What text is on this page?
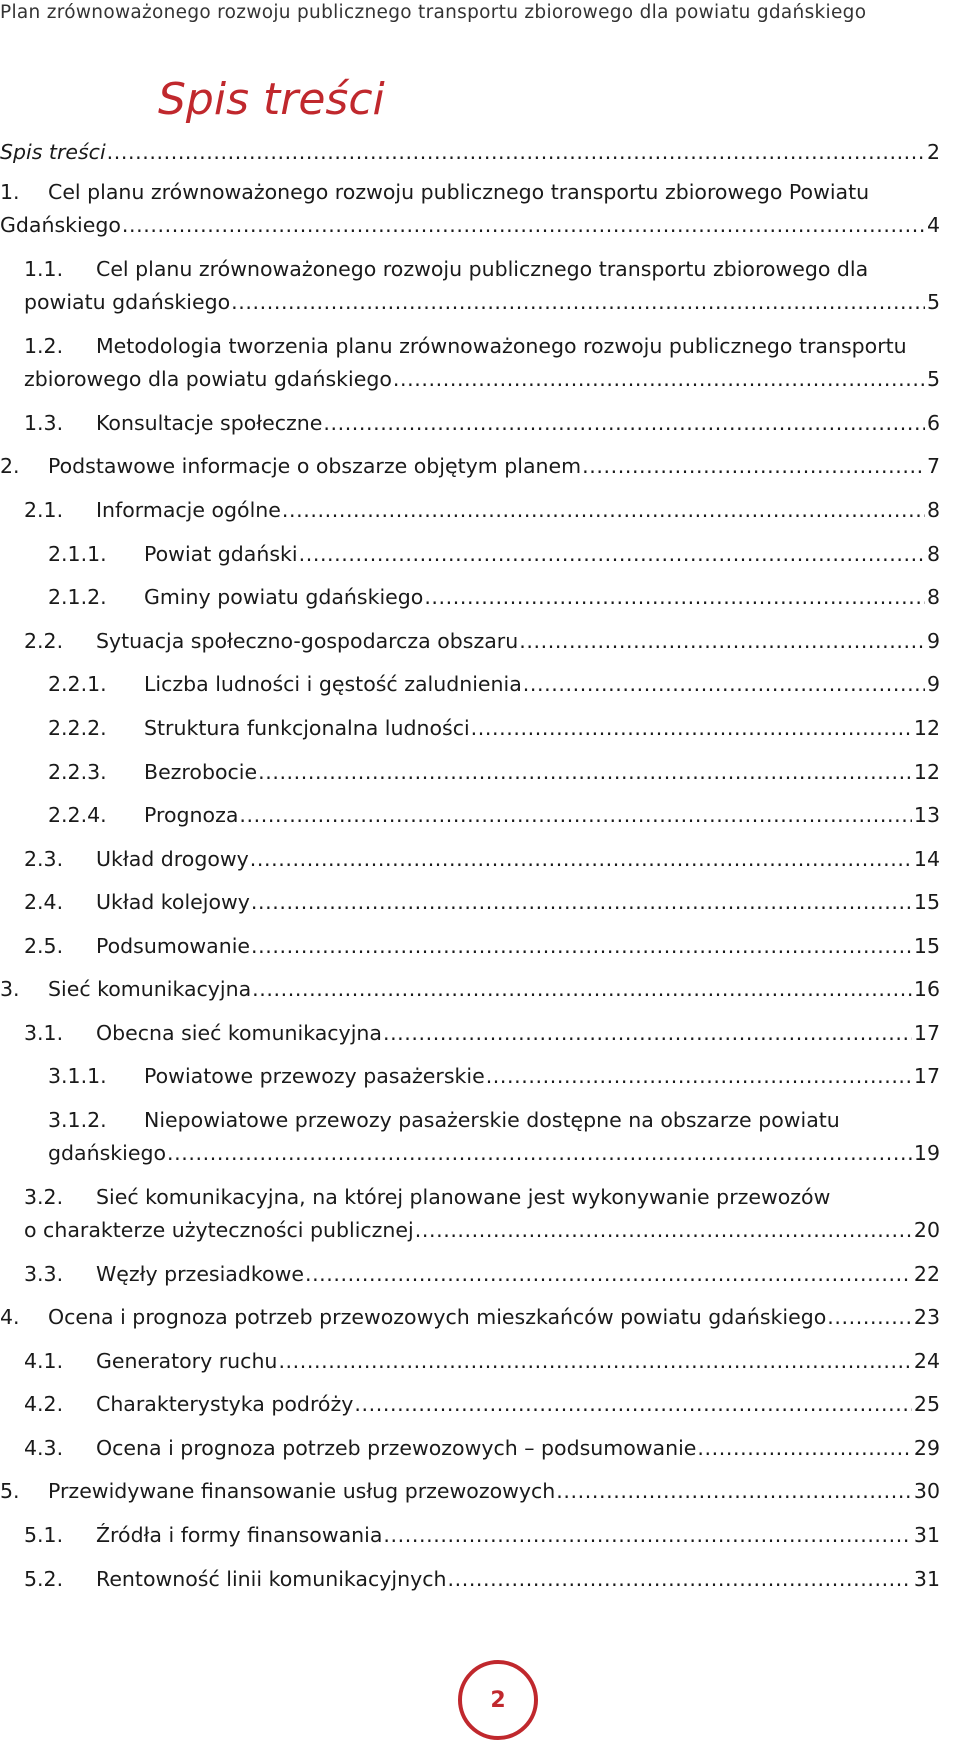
Plan zrównoważonego rozwoju publicznego transportu zbiorowego dla powiatu gdańskiego
Spis treści
Spis treści .....	2
1.	Cel planu zrównoważonego rozwoju publicznego transportu zbiorowego Powiatu
Gdańskiego .....	4
1.1.	Cel planu zrównoważonego rozwoju publicznego transportu zbiorowego dla
powiatu gdańskiego .....	5
1.2.	Metodologia tworzenia planu zrównoważonego rozwoju publicznego transportu
zbiorowego dla powiatu gdańskiego .....	5
1.3.	Konsultacje społeczne .....	6
2.	Podstawowe informacje o obszarze objętym planem .....	7
2.1.	Informacje ogólne .....	8
2.1.1.	Powiat gdański .....	8
2.1.2.	Gminy powiatu gdańskiego .....	8
2.2.	Sytuacja społeczno-gospodarcza obszaru .....	9
2.2.1.	Liczba ludności i gęstość zaludnienia .....	9
2.2.2.	Struktura funkcjonalna ludności .....	12
2.2.3.	Bezrobocie .....	12
2.2.4.	Prognoza .....	13
2.3.	Układ drogowy .....	14
2.4.	Układ kolejowy .....	15
2.5.	Podsumowanie .....	15
3.	Sieć komunikacyjna .....	16
3.1.	Obecna sieć komunikacyjna .....	17
3.1.1.	Powiatowe przewozy pasażerskie .....	17
3.1.2.	Niepowiatowe przewozy pasażerskie dostępne na obszarze powiatu
gdańskiego .....	19
3.2.	Sieć komunikacyjna, na której planowane jest wykonywanie przewozów
o charakterze użyteczności publicznej .....	20
3.3.	Węzły przesiadkowe .....	22
4.	Ocena i prognoza potrzeb przewozowych mieszkańców powiatu gdańskiego .....	23
4.1.	Generatory ruchu .....	24
4.2.	Charakterystyka podróży .....	25
4.3.	Ocena i prognoza potrzeb przewozowych – podsumowanie .....	29
5.	Przewidywane finansowanie usług przewozowych .....	30
5.1.	Źródła i formy finansowania .....	31
5.2.	Rentowność linii komunikacyjnych .....	31
2
